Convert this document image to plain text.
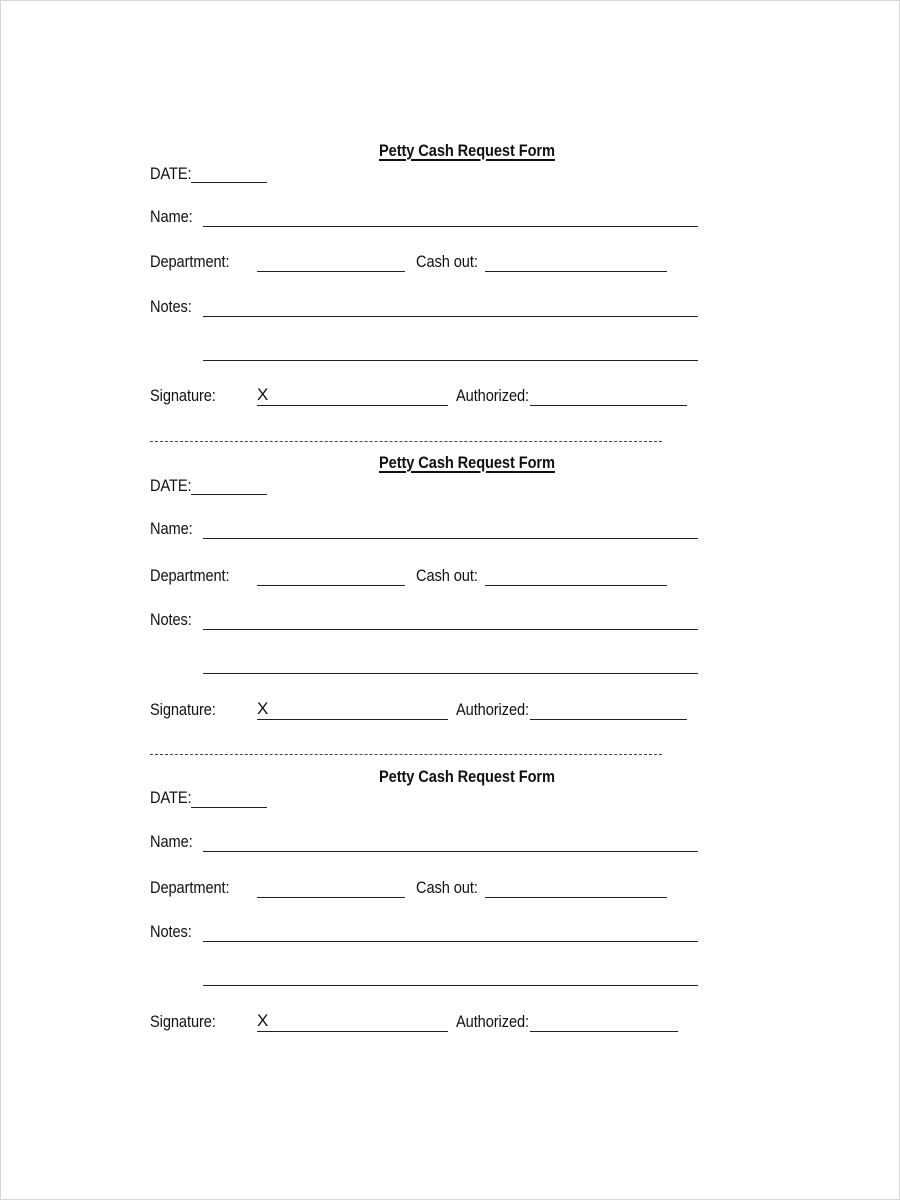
Petty Cash Request Form
DATE:
Name:
Department:	Cash out:
Notes:
Signature: X	Authorized:
Petty Cash Request Form
DATE:
Name:
Department:	Cash out:
Notes:
Signature: X	Authorized:
Petty Cash Request Form
DATE:
Name:
Department:	Cash out:
Notes:
Signature: X	Authorized:
